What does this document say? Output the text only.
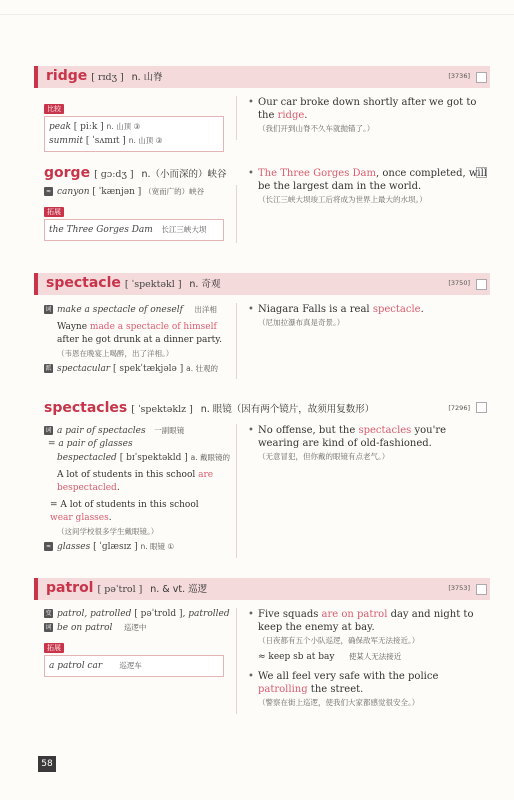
ridge [ rɪdʒ ] n. 山脊	[3736]
比较
peak [ piːk ] n. 山顶 ③
summit [ ˈsʌmɪt ] n. 山顶 ③
• Our car broke down shortly after we got to the ridge.
（我们开到山脊不久车就抛锚了。）
gorge [ ɡɔːdʒ ] n.（小而深的）峡谷
≈ canyon [ ˈkænjən ] （宽而广的）峡谷
拓展
the Three Gorges Dam 长江三峡大坝
• The Three Gorges Dam, once completed, will be the largest dam in the world.
（长江三峡大坝竣工后将成为世界上最大的水坝。）
spectacle [ ˈspektəkl ] n. 奇观	[3750]
词 make a spectacle of oneself 出洋相
Wayne made a spectacle of himself
after he got drunk at a dinner party.
（韦恩在晚宴上喝醉，出了洋相。）
派 spectacular [ spekˈtækjələ ] a. 壮观的
• Niagara Falls is a real spectacle.
（尼加拉瀑布真是奇景。）
spectacles [ ˈspektəklz ] n. 眼镜（因有两个镜片，故须用复数形）	[7296]
词 a pair of spectacles 一副眼镜
= a pair of glasses
bespectacled [ bɪˈspektəkld ] a. 戴眼镜的
A lot of students in this school are bespectacled.
= A lot of students in this school wear glasses.
（这间学校很多学生戴眼镜。）
≈ glasses [ ˈɡlæsɪz ] n. 眼镜 ①
• No offense, but the spectacles you're wearing are kind of old-fashioned.
（无意冒犯，但你戴的眼镜有点老气。）
patrol [ pəˈtrol ] n. & vt. 巡逻	[3753]
变 patrol, patrolled [ pəˈtrold ], patrolled
词 be on patrol 巡逻中
拓展
a patrol car 巡逻车
• Five squads are on patrol day and night to keep the enemy at bay.
（日夜都有五个小队巡逻，确保敌军无法接近。）
≈ keep sb at bay 使某人无法接近
• We all feel very safe with the police patrolling the street.
（警察在街上巡逻，使我们大家都感觉很安全。）
58
